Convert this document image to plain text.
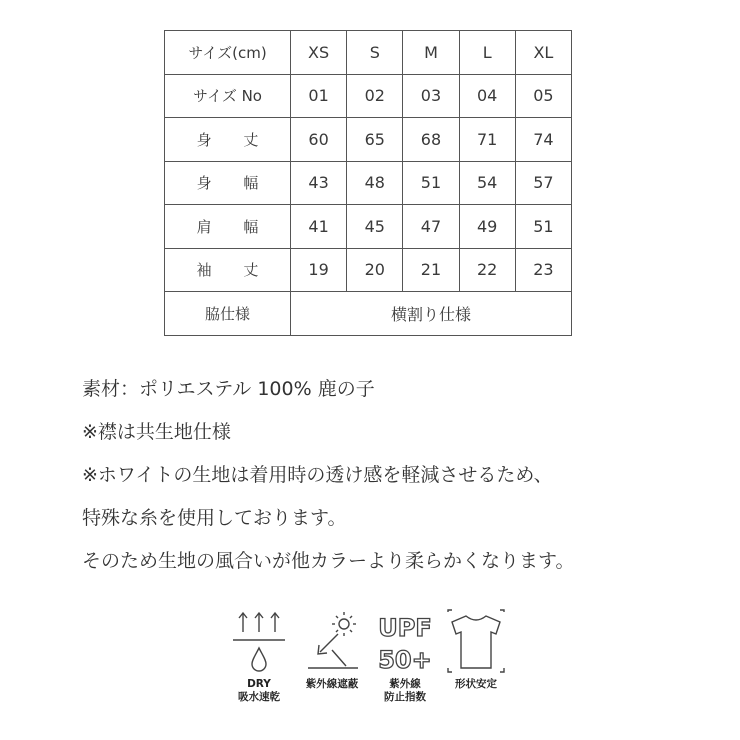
サイズ(cm)	XS	S	M	L	XL
サイズ No	01	02	03	04	05
身 丈	60	65	68	71	74
身 幅	43	48	51	54	57
肩 幅	41	45	47	49	51
袖 丈	19	20	21	22	23
脇仕様	横割り仕様				
素材：ポリエステル 100% 鹿の子
※襟は共生地仕様
※ホワイトの生地は着用時の透け感を軽減させるため、
特殊な糸を使用しております。
そのため生地の風合いが他カラーより柔らかくなります。
DRY
吸水速乾
紫外線遮蔽
UPF
50+
紫外線
防止指数
形状安定
